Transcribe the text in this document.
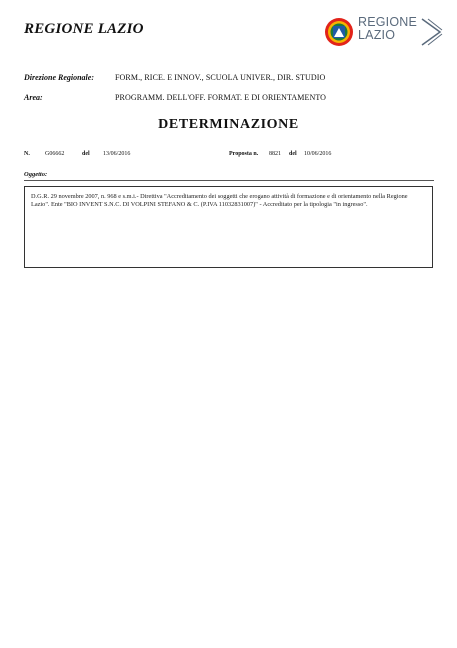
REGIONE LAZIO	REGIONE
LAZIO
Direzione Regionale:	FORM., RICE. E INNOV., SCUOLA UNIVER., DIR. STUDIO
Area:	PROGRAMM. DELL'OFF. FORMAT. E DI ORIENTAMENTO
DETERMINAZIONE
N.	G06662	del 13/06/2016	Proposta n. 8821 del 10/06/2016
Oggetto:

D.G.R. 29 novembre 2007, n. 968 e s.m.i.- Direttiva "Accreditamento dei soggetti che erogano attività di formazione e di orientamento nella Regione Lazio". Ente "BIO INVENT S.N.C. DI VOLPINI STEFANO & C. (P.IVA 11032831007)" - Accreditato per la tipologia "in ingresso".
